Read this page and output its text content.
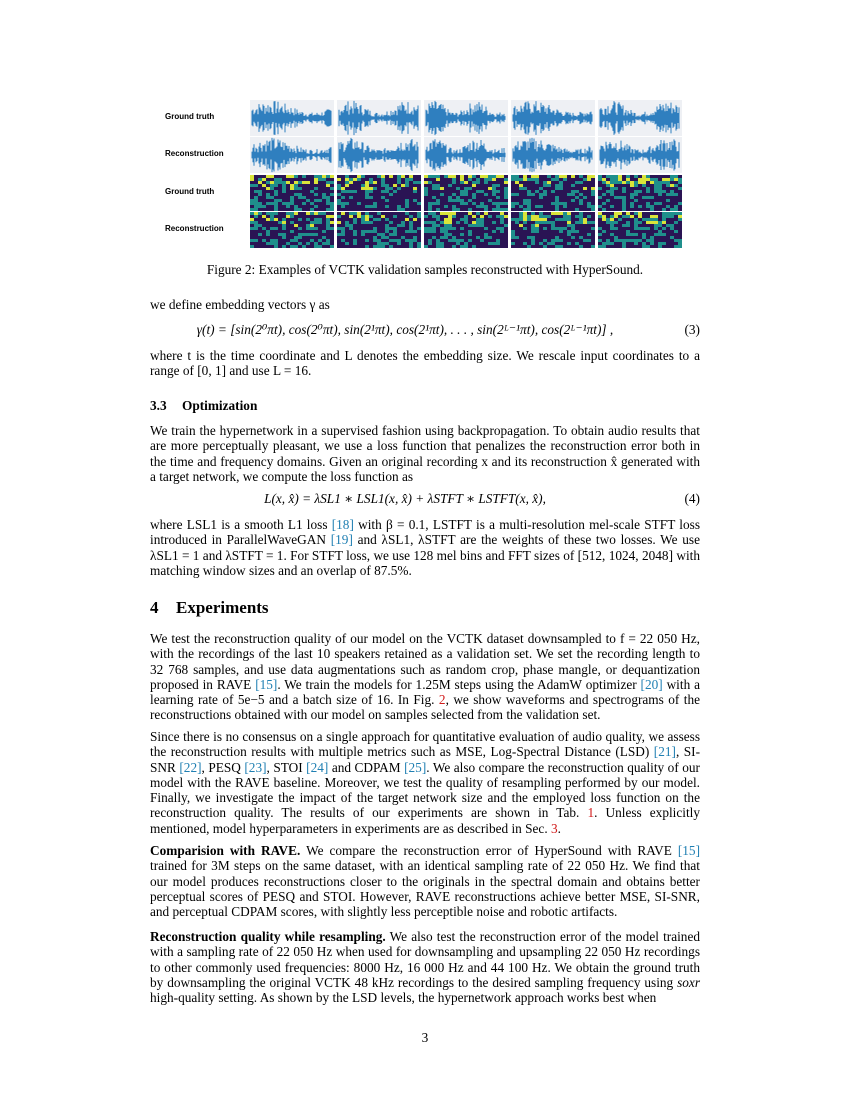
Ground truth
Reconstruction
Ground truth
Reconstruction
Figure 2: Examples of VCTK validation samples reconstructed with HyperSound.

we define embedding vectors γ as

γ(t) = [sin(2⁰πt), cos(2⁰πt), sin(2¹πt), cos(2¹πt), . . . , sin(2ᴸ⁻¹πt), cos(2ᴸ⁻¹πt)] ,	(3)

where t is the time coordinate and L denotes the embedding size. We rescale input coordinates to a range of [0, 1] and use L = 16.

3.3 Optimization

We train the hypernetwork in a supervised fashion using backpropagation. To obtain audio results that are more perceptually pleasant, we use a loss function that penalizes the reconstruction error both in the time and frequency domains. Given an original recording x and its reconstruction x̂ generated with a target network, we compute the loss function as

L(x, x̂) = λSL1 ∗ LSL1(x, x̂) + λSTFT ∗ LSTFT(x, x̂),	(4)

where LSL1 is a smooth L1 loss [18] with β = 0.1, LSTFT is a multi-resolution mel-scale STFT loss introduced in ParallelWaveGAN [19] and λSL1, λSTFT are the weights of these two losses. We use λSL1 = 1 and λSTFT = 1. For STFT loss, we use 128 mel bins and FFT sizes of [512, 1024, 2048] with matching window sizes and an overlap of 87.5%.

4 Experiments

We test the reconstruction quality of our model on the VCTK dataset downsampled to f = 22 050 Hz, with the recordings of the last 10 speakers retained as a validation set. We set the recording length to 32 768 samples, and use data augmentations such as random crop, phase mangle, or dequantization proposed in RAVE [15]. We train the models for 1.25M steps using the AdamW optimizer [20] with a learning rate of 5e−5 and a batch size of 16. In Fig. 2, we show waveforms and spectrograms of the reconstructions obtained with our model on samples selected from the validation set.

Since there is no consensus on a single approach for quantitative evaluation of audio quality, we assess the reconstruction results with multiple metrics such as MSE, Log-Spectral Distance (LSD) [21], SI-SNR [22], PESQ [23], STOI [24] and CDPAM [25]. We also compare the reconstruction quality of our model with the RAVE baseline. Moreover, we test the quality of resampling performed by our model. Finally, we investigate the impact of the target network size and the employed loss function on the reconstruction quality. The results of our experiments are shown in Tab. 1. Unless explicitly mentioned, model hyperparameters in experiments are as described in Sec. 3.

Comparision with RAVE. We compare the reconstruction error of HyperSound with RAVE [15] trained for 3M steps on the same dataset, with an identical sampling rate of 22 050 Hz. We find that our model produces reconstructions closer to the originals in the spectral domain and obtains better perceptual scores of PESQ and STOI. However, RAVE reconstructions achieve better MSE, SI-SNR, and perceptual CDPAM scores, with slightly less perceptible noise and robotic artifacts.

Reconstruction quality while resampling. We also test the reconstruction error of the model trained with a sampling rate of 22 050 Hz when used for downsampling and upsampling 22 050 Hz recordings to other commonly used frequencies: 8000 Hz, 16 000 Hz and 44 100 Hz. We obtain the ground truth by downsampling the original VCTK 48 kHz recordings to the desired sampling frequency using soxr high-quality setting. As shown by the LSD levels, the hypernetwork approach works best when

3
